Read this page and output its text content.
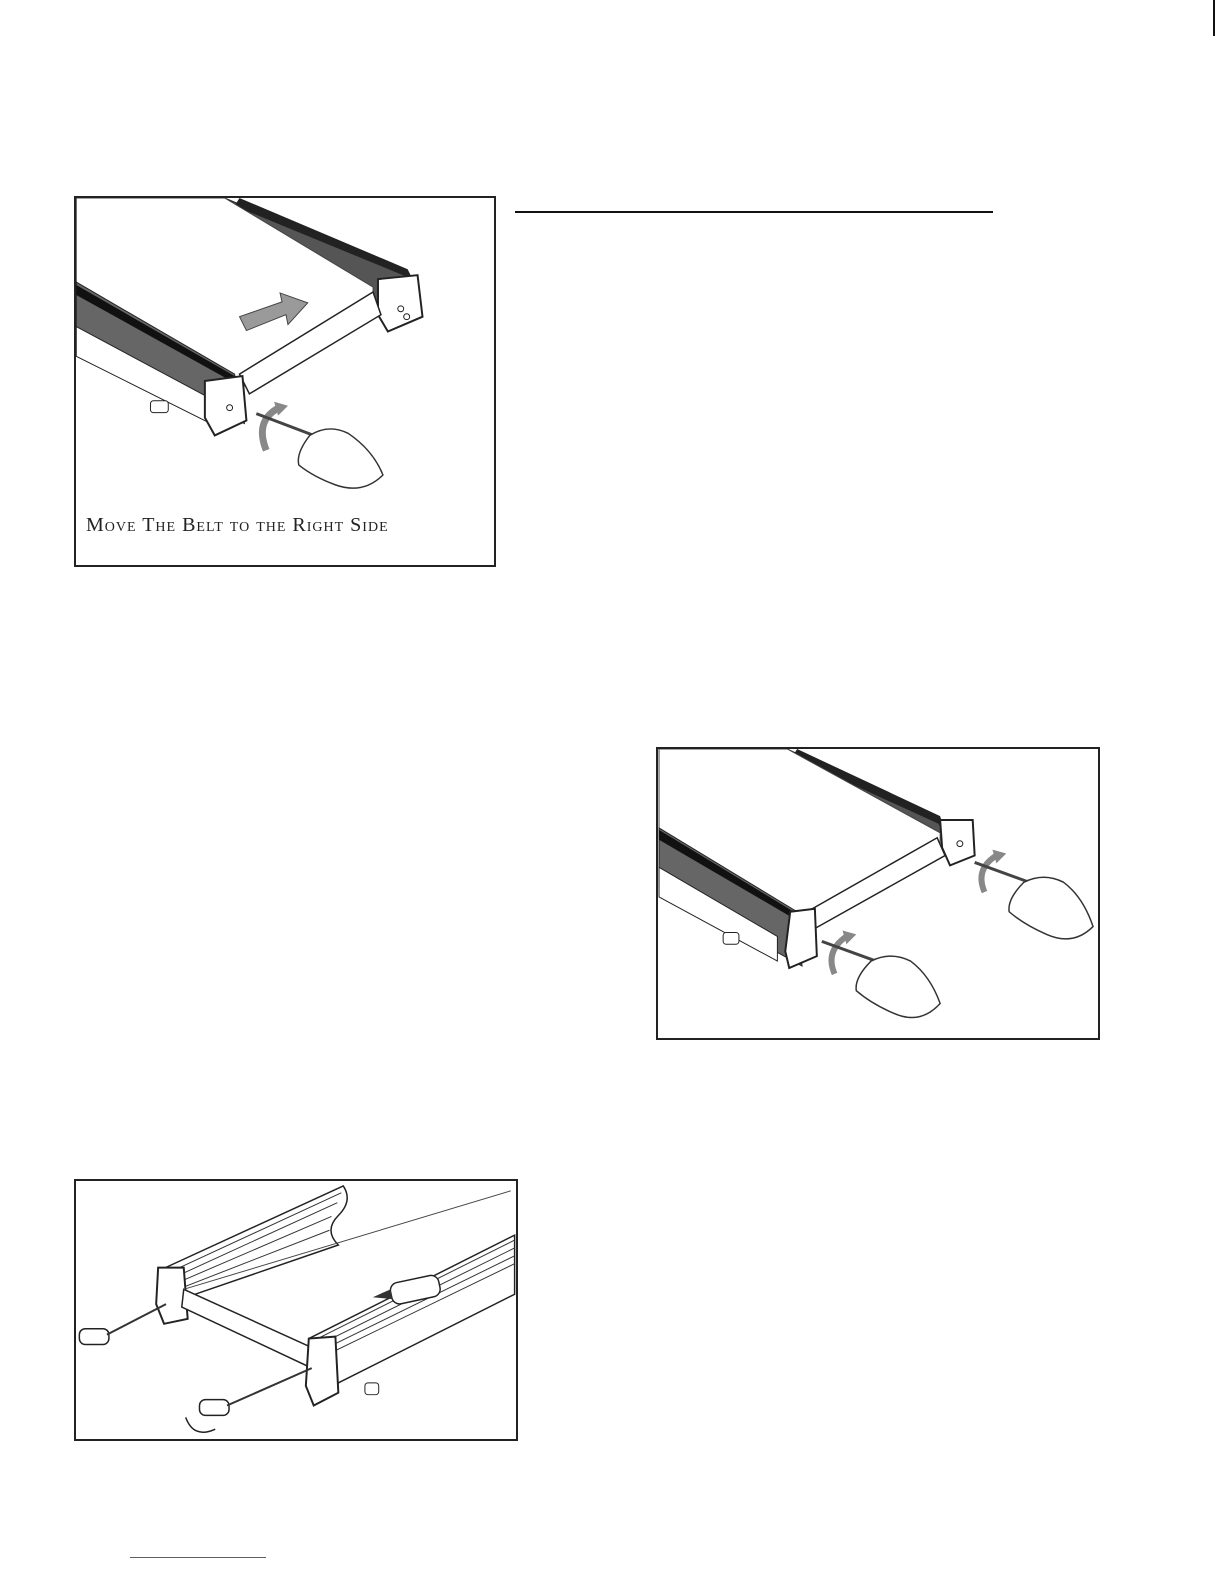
Move The Belt to the Right Side
